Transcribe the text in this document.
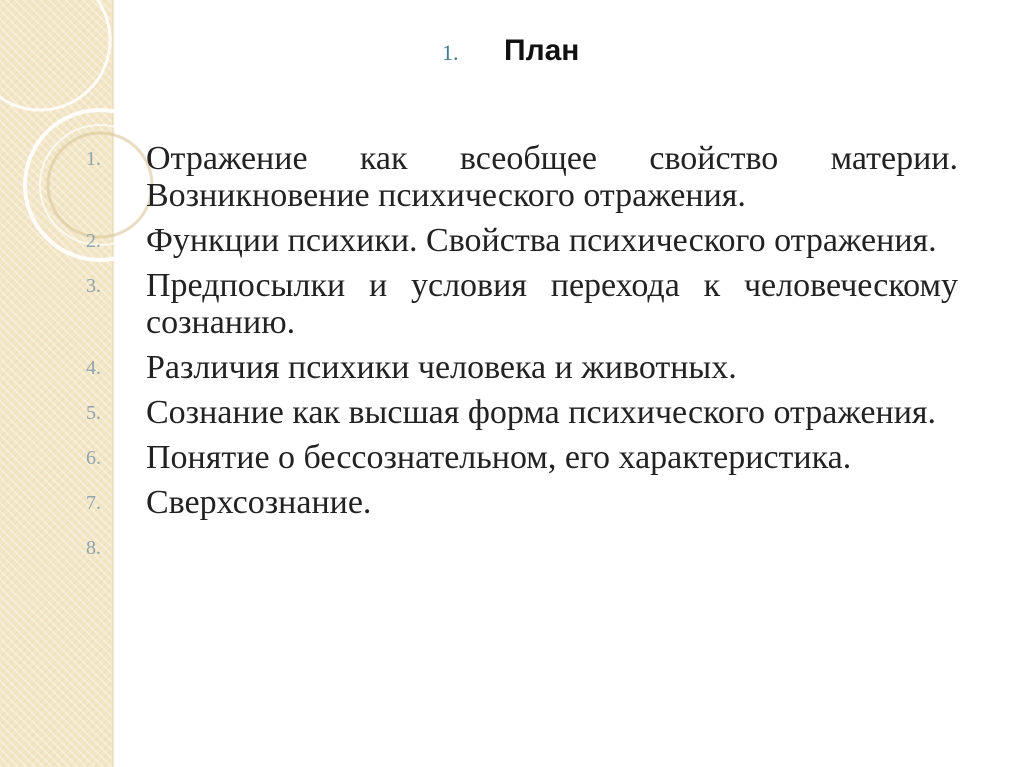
1.	План
1.	Отражение как всеобщее свойство материи. Возникновение психического отражения.
2.	Функции психики. Свойства психического отражения.
3.	Предпосылки и условия перехода к человеческому сознанию.
4.	Различия психики человека и животных.
5.	Сознание как высшая форма психического отражения.
6.	Понятие о бессознательном, его характеристика.
7.	Сверхсознание.
8.
